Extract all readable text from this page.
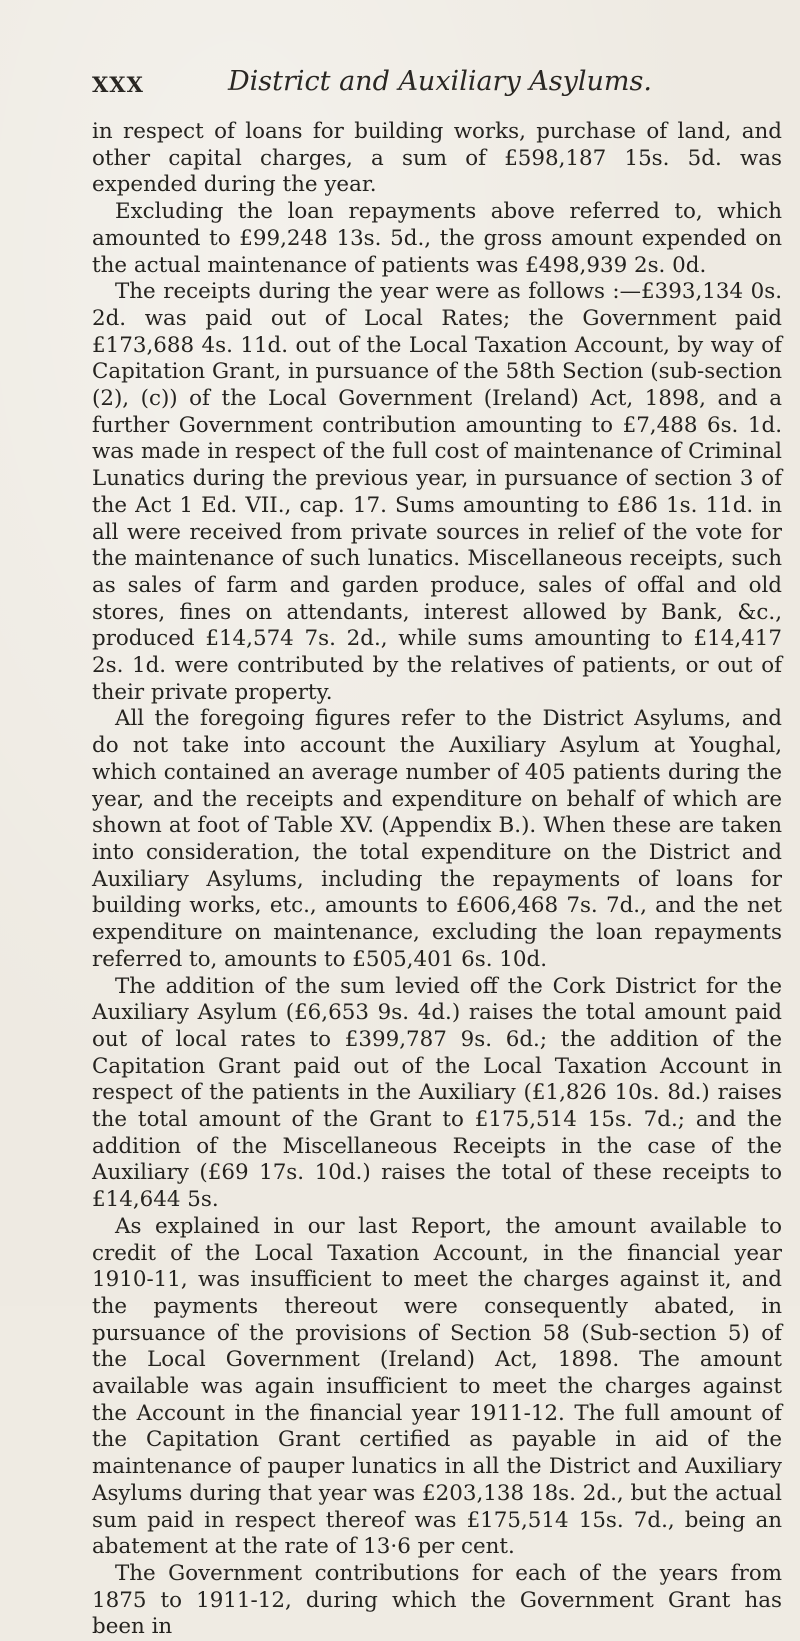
XXX	District and Auxiliary Asylums.

in respect of loans for building works, purchase of land, and other capital charges, a sum of £598,187 15s. 5d. was expended during the year.

Excluding the loan repayments above referred to, which amounted to £99,248 13s. 5d., the gross amount expended on the actual maintenance of patients was £498,939 2s. 0d.

The receipts during the year were as follows :—£393,134 0s. 2d. was paid out of Local Rates; the Government paid £173,688 4s. 11d. out of the Local Taxation Account, by way of Capitation Grant, in pursuance of the 58th Section (sub-section (2), (c)) of the Local Government (Ireland) Act, 1898, and a further Government contribution amounting to £7,488 6s. 1d. was made in respect of the full cost of maintenance of Criminal Lunatics during the previous year, in pursuance of section 3 of the Act 1 Ed. VII., cap. 17. Sums amounting to £86 1s. 11d. in all were received from private sources in relief of the vote for the maintenance of such lunatics. Miscellaneous receipts, such as sales of farm and garden produce, sales of offal and old stores, fines on attendants, interest allowed by Bank, &c., produced £14,574 7s. 2d., while sums amounting to £14,417 2s. 1d. were contributed by the relatives of patients, or out of their private property.

All the foregoing figures refer to the District Asylums, and do not take into account the Auxiliary Asylum at Youghal, which contained an average number of 405 patients during the year, and the receipts and expenditure on behalf of which are shown at foot of Table XV. (Appendix B.). When these are taken into consideration, the total expenditure on the District and Auxiliary Asylums, including the repayments of loans for building works, etc., amounts to £606,468 7s. 7d., and the net expenditure on maintenance, excluding the loan repayments referred to, amounts to £505,401 6s. 10d.

The addition of the sum levied off the Cork District for the Auxiliary Asylum (£6,653 9s. 4d.) raises the total amount paid out of local rates to £399,787 9s. 6d.; the addition of the Capitation Grant paid out of the Local Taxation Account in respect of the patients in the Auxiliary (£1,826 10s. 8d.) raises the total amount of the Grant to £175,514 15s. 7d.; and the addition of the Miscellaneous Receipts in the case of the Auxiliary (£69 17s. 10d.) raises the total of these receipts to £14,644 5s.

As explained in our last Report, the amount available to credit of the Local Taxation Account, in the financial year 1910-11, was insufficient to meet the charges against it, and the payments thereout were consequently abated, in pursuance of the provisions of Section 58 (Sub-section 5) of the Local Government (Ireland) Act, 1898. The amount available was again insufficient to meet the charges against the Account in the financial year 1911-12. The full amount of the Capitation Grant certified as payable in aid of the maintenance of pauper lunatics in all the District and Auxiliary Asylums during that year was £203,138 18s. 2d., but the actual sum paid in respect thereof was £175,514 15s. 7d., being an abatement at the rate of 13·6 per cent.

The Government contributions for each of the years from 1875 to 1911-12, during which the Government Grant has been in
